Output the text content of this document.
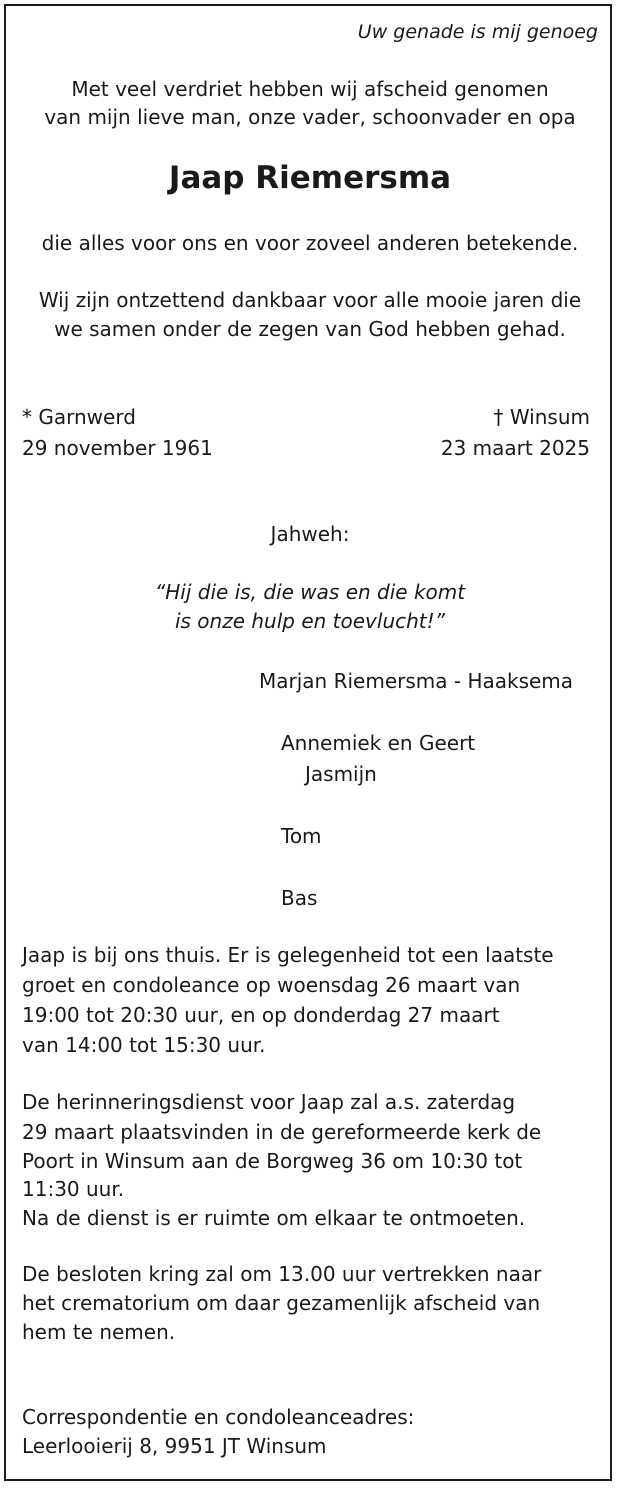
Uw genade is mij genoeg
Met veel verdriet hebben wij afscheid genomen
van mijn lieve man, onze vader, schoonvader en opa
Jaap Riemersma
die alles voor ons en voor zoveel anderen betekende.
Wij zijn ontzettend dankbaar voor alle mooie jaren die
we samen onder de zegen van God hebben gehad.
* Garnwerd
29 november 1961
† Winsum
23 maart 2025
Jahweh:
“Hij die is, die was en die komt
is onze hulp en toevlucht!”
Marjan Riemersma - Haaksema
Annemiek en Geert
Jasmijn
Tom
Bas
Jaap is bij ons thuis. Er is gelegenheid tot een laatste
groet en condoleance op woensdag 26 maart van
19:00 tot 20:30 uur, en op donderdag 27 maart
van 14:00 tot 15:30 uur.
De herinneringsdienst voor Jaap zal a.s. zaterdag
29 maart plaatsvinden in de gereformeerde kerk de
Poort in Winsum aan de Borgweg 36 om 10:30 tot
11:30 uur.
Na de dienst is er ruimte om elkaar te ontmoeten.
De besloten kring zal om 13.00 uur vertrekken naar
het crematorium om daar gezamenlijk afscheid van
hem te nemen.
Correspondentie en condoleanceadres:
Leerlooierij 8, 9951 JT Winsum
